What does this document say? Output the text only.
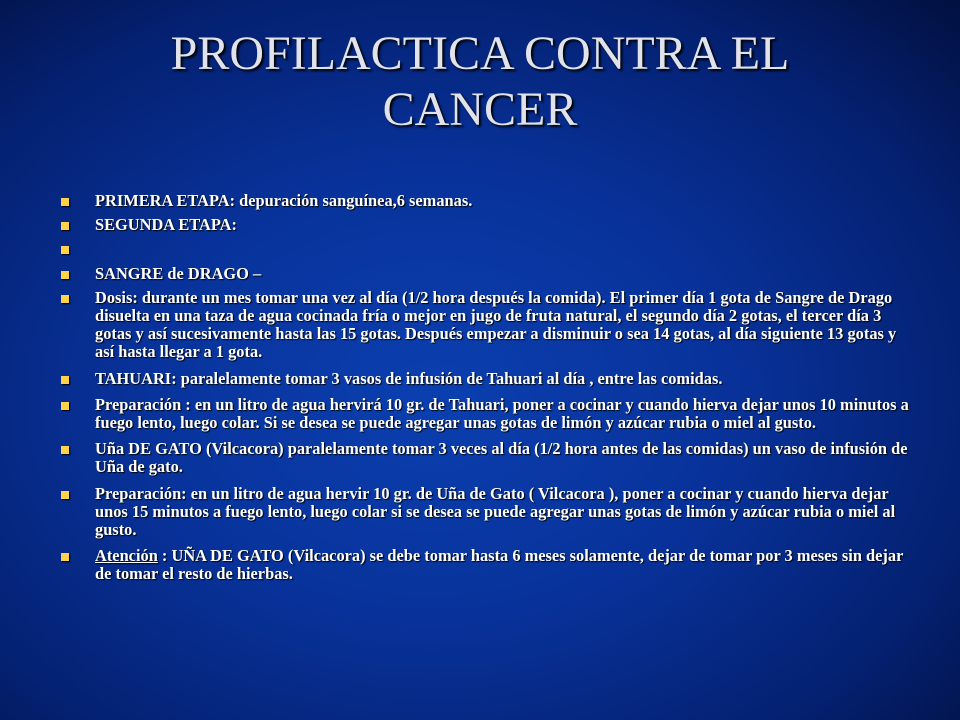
PROFILACTICA CONTRA EL CANCER
PRIMERA ETAPA: depuración sanguínea,6 semanas.
SEGUNDA ETAPA:
SANGRE de DRAGO –
Dosis: durante un mes tomar una vez al día (1/2 hora después la comida). El primer día 1 gota de Sangre de Drago disuelta en una taza de agua cocinada fría o mejor en jugo de fruta natural, el segundo día 2 gotas, el tercer día 3 gotas y así sucesivamente hasta las 15 gotas. Después empezar a disminuir o sea 14 gotas, al día siguiente 13 gotas y así hasta llegar a 1 gota.
TAHUARI: paralelamente tomar 3 vasos de infusión de Tahuari al día , entre las comidas.
Preparación : en un litro de agua hervirá 10 gr. de Tahuari, poner a cocinar y cuando hierva dejar unos 10 minutos a fuego lento, luego colar. Si se desea se puede agregar unas gotas de limón y azúcar rubia o miel al gusto.
Uña DE GATO (Vilcacora) paralelamente tomar 3 veces al día (1/2 hora antes de las comidas) un vaso de infusión de Uña de gato.
Preparación: en un litro de agua hervir 10 gr. de Uña de Gato ( Vilcacora ), poner a cocinar y cuando hierva dejar unos 15 minutos a fuego lento, luego colar si se desea se puede agregar unas gotas de limón y azúcar rubia o miel al gusto.
Atención : UÑA DE GATO (Vilcacora) se debe tomar hasta 6 meses solamente, dejar de tomar por 3 meses sin dejar de tomar el resto de hierbas.
